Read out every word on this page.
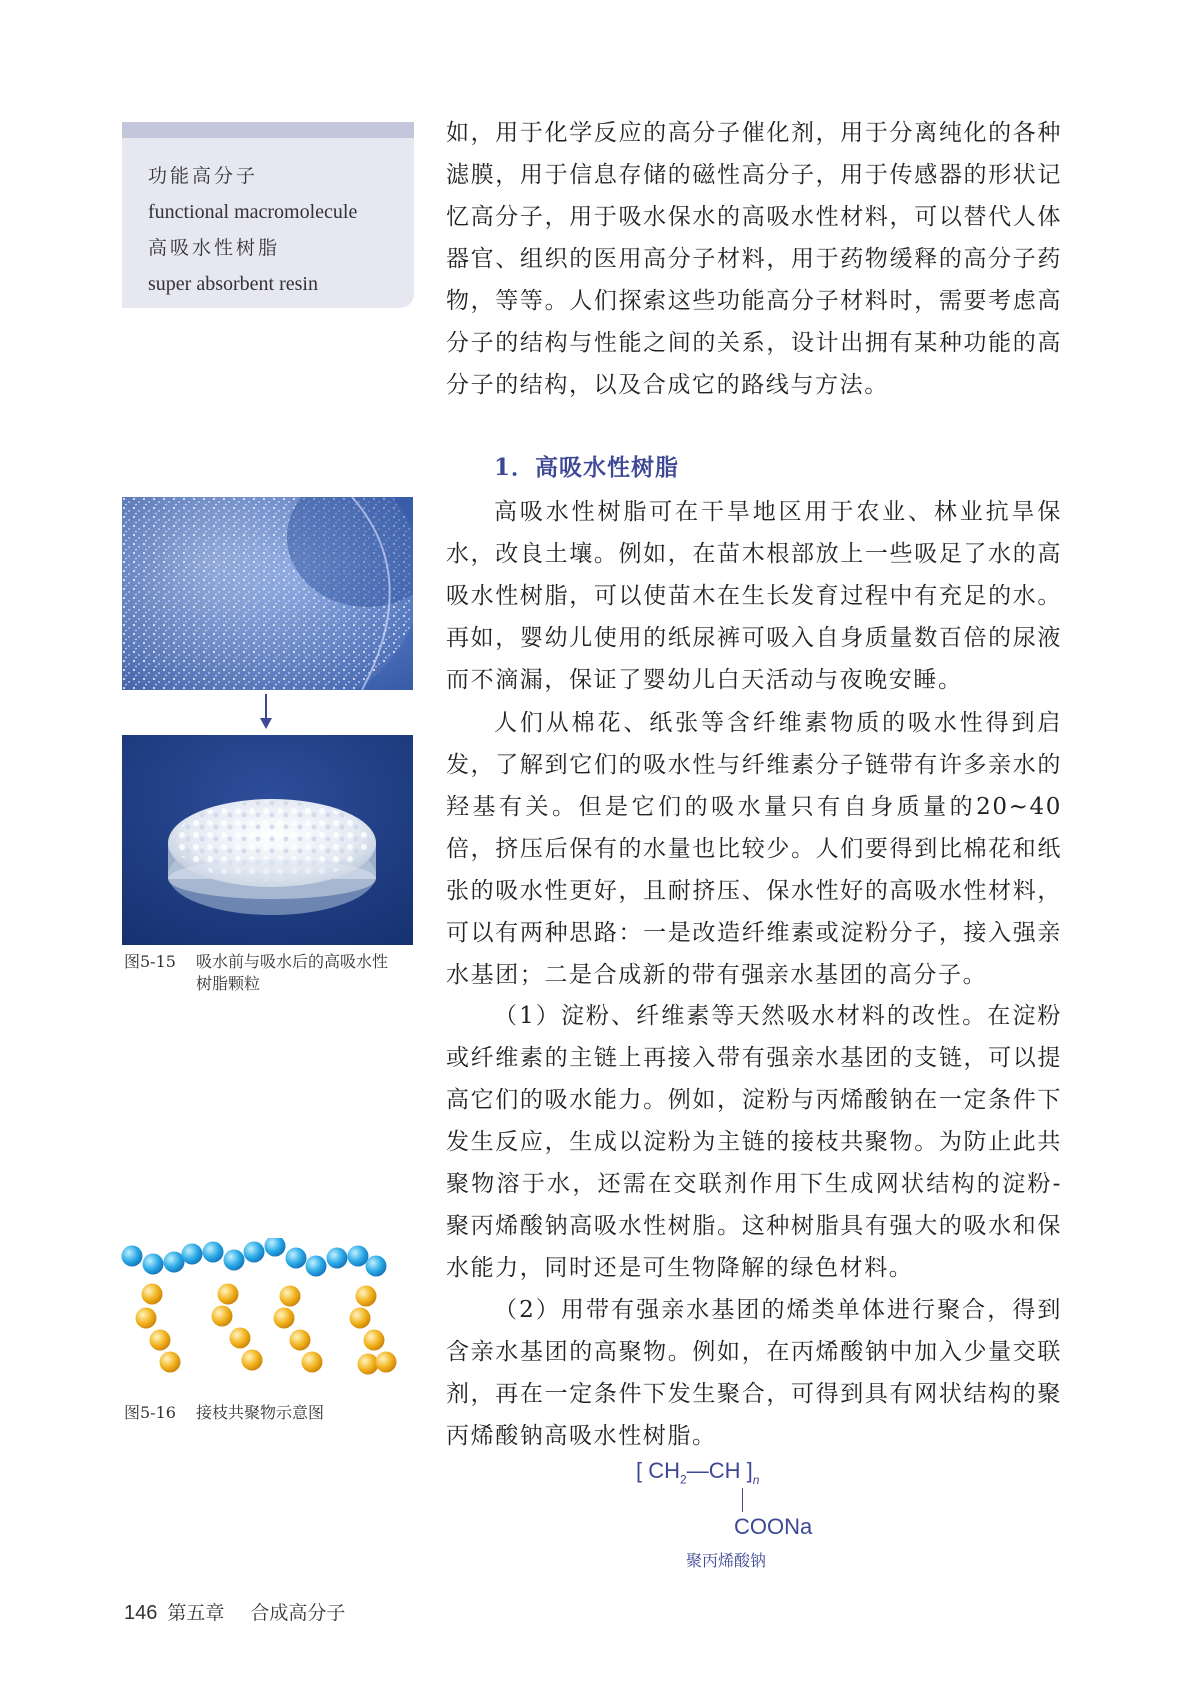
功能高分子
functional macromolecule
高吸水性树脂
super absorbent resin

如，用于化学反应的高分子催化剂，用于分离纯化的各种滤膜，用于信息存储的磁性高分子，用于传感器的形状记忆高分子，用于吸水保水的高吸水性材料，可以替代人体器官、组织的医用高分子材料，用于药物缓释的高分子药物，等等。人们探索这些功能高分子材料时，需要考虑高分子的结构与性能之间的关系，设计出拥有某种功能的高分子的结构，以及合成它的路线与方法。

1．高吸水性树脂

高吸水性树脂可在干旱地区用于农业、林业抗旱保水，改良土壤。例如，在苗木根部放上一些吸足了水的高吸水性树脂，可以使苗木在生长发育过程中有充足的水。再如，婴幼儿使用的纸尿裤可吸入自身质量数百倍的尿液而不滴漏，保证了婴幼儿白天活动与夜晚安睡。

人们从棉花、纸张等含纤维素物质的吸水性得到启发，了解到它们的吸水性与纤维素分子链带有许多亲水的羟基有关。但是它们的吸水量只有自身质量的20~40倍，挤压后保有的水量也比较少。人们要得到比棉花和纸张的吸水性更好，且耐挤压、保水性好的高吸水性材料，可以有两种思路：一是改造纤维素或淀粉分子，接入强亲水基团；二是合成新的带有强亲水基团的高分子。

（1）淀粉、纤维素等天然吸水材料的改性。在淀粉或纤维素的主链上再接入带有强亲水基团的支链，可以提高它们的吸水能力。例如，淀粉与丙烯酸钠在一定条件下发生反应，生成以淀粉为主链的接枝共聚物。为防止此共聚物溶于水，还需在交联剂作用下生成网状结构的淀粉-聚丙烯酸钠高吸水性树脂。这种树脂具有强大的吸水和保水能力，同时还是可生物降解的绿色材料。

（2）用带有强亲水基团的烯类单体进行聚合，得到含亲水基团的高聚物。例如，在丙烯酸钠中加入少量交联剂，再在一定条件下发生聚合，可得到具有网状结构的聚丙烯酸钠高吸水性树脂。

图5-15 吸水前与吸水后的高吸水性
树脂颗粒
图5-16 接枝共聚物示意图
[ $CH_2—CH$ ]$_n$
COONa
聚丙烯酸钠
146 第五章 合成高分子
